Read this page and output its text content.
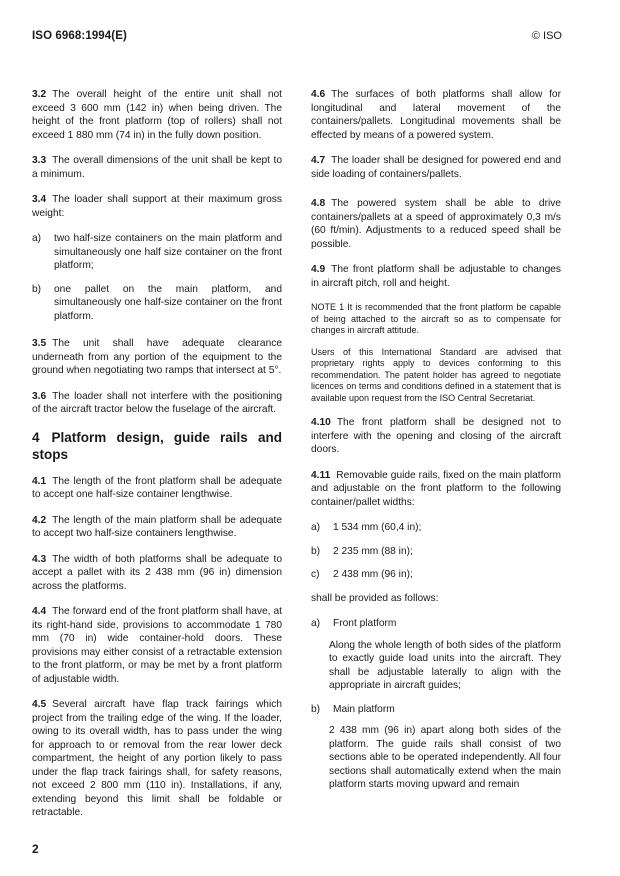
ISO 6968:1994(E)	© ISO

3.2 The overall height of the entire unit shall not exceed 3 600 mm (142 in) when being driven. The height of the front platform (top of rollers) shall not exceed 1 880 mm (74 in) in the fully down position.

3.3 The overall dimensions of the unit shall be kept to a minimum.

3.4 The loader shall support at their maximum gross weight:

a)	two half-size containers on the main platform and simultaneously one half size container on the front platform;
b)	one pallet on the main platform, and simultaneously one half-size container on the front platform.

3.5 The unit shall have adequate clearance underneath from any portion of the equipment to the ground when negotiating two ramps that intersect at 5°.

3.6 The loader shall not interfere with the positioning of the aircraft tractor below the fuselage of the aircraft.

4 Platform design, guide rails and stops

4.1 The length of the front platform shall be adequate to accept one half-size container lengthwise.

4.2 The length of the main platform shall be adequate to accept two half-size containers lengthwise.

4.3 The width of both platforms shall be adequate to accept a pallet with its 2 438 mm (96 in) dimension across the platforms.

4.4 The forward end of the front platform shall have, at its right-hand side, provisions to accommodate 1 780 mm (70 in) wide container-hold doors. These provisions may either consist of a retractable extension to the front platform, or may be met by a front platform of adjustable width.

4.5 Several aircraft have flap track fairings which project from the trailing edge of the wing. If the loader, owing to its overall width, has to pass under the wing for approach to or removal from the rear lower deck compartment, the height of any portion likely to pass under the flap track fairings shall, for safety reasons, not exceed 2 800 mm (110 in). Installations, if any, extending beyond this limit shall be foldable or retractable.

4.6 The surfaces of both platforms shall allow for longitudinal and lateral movement of the containers/pallets. Longitudinal movements shall be effected by means of a powered system.

4.7 The loader shall be designed for powered end and side loading of containers/pallets.

4.8 The powered system shall be able to drive containers/pallets at a speed of approximately 0,3 m/s (60 ft/min). Adjustments to a reduced speed shall be possible.

4.9 The front platform shall be adjustable to changes in aircraft pitch, roll and height.

NOTE 1 It is recommended that the front platform be capable of being attached to the aircraft so as to compensate for changes in aircraft attitude.

Users of this International Standard are advised that proprietary rights apply to devices conforming to this recommendation. The patent holder has agreed to negotiate licences on terms and conditions defined in a statement that is available upon request from the ISO Central Secretariat.

4.10 The front platform shall be designed not to interfere with the opening and closing of the aircraft doors.

4.11 Removable guide rails, fixed on the main platform and adjustable on the front platform to the following container/pallet widths:

a)	1 534 mm (60,4 in);
b)	2 235 mm (88 in);
c)	2 438 mm (96 in);

shall be provided as follows:

a)	Front platform

Along the whole length of both sides of the platform to exactly guide load units into the aircraft. They shall be adjustable laterally to align with the appropriate in aircraft guides;

b)	Main platform

2 438 mm (96 in) apart along both sides of the platform. The guide rails shall consist of two sections able to be operated independently. All four sections shall automatically extend when the main platform starts moving upward and remain

2
